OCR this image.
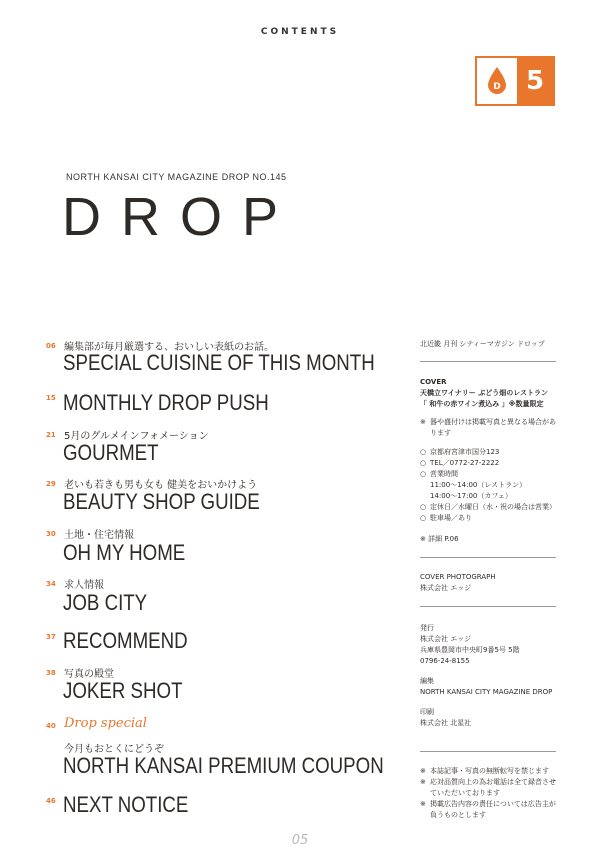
CONTENTS
D 5
NORTH KANSAI CITY MAGAZINE DROP NO.145
DROP
06 編集部が毎月厳選する、おいしい表紙のお話。
SPECIAL CUISINE OF THIS MONTH
15 MONTHLY DROP PUSH
21 5月のグルメインフォメーション
GOURMET
29 老いも若きも男も女も 健美をおいかけよう
BEAUTY SHOP GUIDE
30 土地・住宅情報
OH MY HOME
34 求人情報
JOB CITY
37 RECOMMEND
38 写真の殿堂
JOKER SHOT
40 Drop special
今月もおとくにどうぞ
NORTH KANSAI PREMIUM COUPON
46 NEXT NOTICE
北近畿 月刊 シティーマガジン ドロップ
COVER
天橋立ワイナリー ぶどう畑のレストラン
「 和牛の赤ワイン煮込み 」※数量限定
※ 器や盛付けは掲載写真と異なる場合があります
○ 京都府宮津市国分123
○ TEL／0772-27-2222
○ 営業時間
11:00～14:00（レストラン）
14:00～17:00（カフェ）
○ 定休日／水曜日（水・祝の場合は営業）
○ 駐車場／あり
※ 詳細 P.06
COVER PHOTOGRAPH
株式会社 エッジ
発行
株式会社 エッジ
兵庫県豊岡市中央町9番5号 5階
0796-24-8155
編集
NORTH KANSAI CITY MAGAZINE DROP
印刷
株式会社 北星社
※ 本誌記事・写真の無断転写を禁じます
※ 応対品質向上の為お電話は全て録音させていただいております
※ 掲載広告内容の責任については広告主が負うものとします
05
